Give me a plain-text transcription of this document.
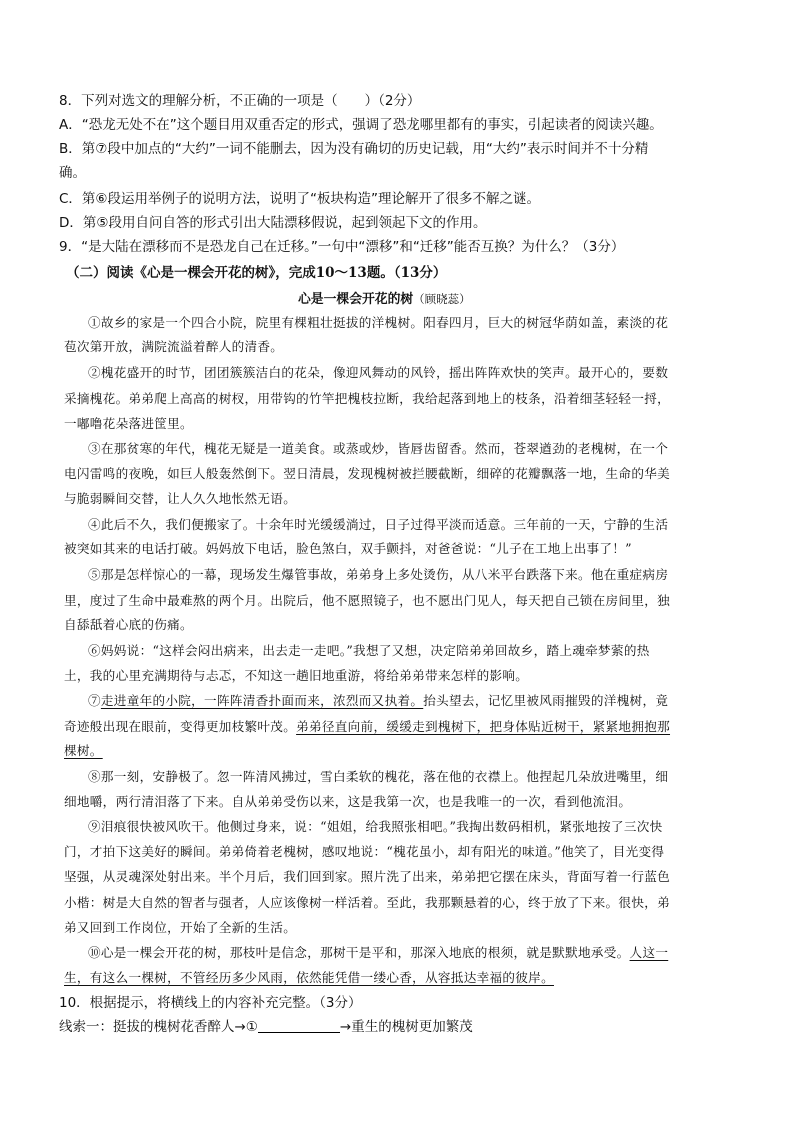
8．下列对选文的理解分析，不正确的一项是（　　）（2分）
A．“恐龙无处不在”这个题目用双重否定的形式，强调了恐龙哪里都有的事实，引起读者的阅读兴趣。
B．第⑦段中加点的“大约”一词不能删去，因为没有确切的历史记载，用“大约”表示时间并不十分精
确。
C．第⑥段运用举例子的说明方法，说明了“板块构造”理论解开了很多不解之谜。
D．第⑤段用自问自答的形式引出大陆漂移假说，起到领起下文的作用。
9．“是大陆在漂移而不是恐龙自己在迁移。”一句中“漂移”和“迁移”能否互换？为什么？（3分）
（二）阅读《心是一棵会开花的树》，完成10～13题。（13分）
心是一棵会开花的树（顾晓蕊）
①故乡的家是一个四合小院，院里有棵粗壮挺拔的洋槐树。阳春四月，巨大的树冠华荫如盖，素淡的花
苞次第开放，满院流溢着醉人的清香。
②槐花盛开的时节，团团簇簇洁白的花朵，像迎风舞动的风铃，摇出阵阵欢快的笑声。最开心的，要数
采摘槐花。弟弟爬上高高的树杈，用带钩的竹竿把槐枝拉断，我给起落到地上的枝条，沿着细茎轻轻一捋，
一嘟噜花朵落进筐里。
③在那贫寒的年代，槐花无疑是一道美食。或蒸或炒，皆唇齿留香。然而，苍翠遒劲的老槐树，在一个
电闪雷鸣的夜晚，如巨人般轰然倒下。翌日清晨，发现槐树被拦腰截断，细碎的花瓣飘落一地，生命的华美
与脆弱瞬间交替，让人久久地怅然无语。
④此后不久，我们便搬家了。十余年时光缓缓淌过，日子过得平淡而适意。三年前的一天，宁静的生活
被突如其来的电话打破。妈妈放下电话，脸色煞白，双手颤抖，对爸爸说：“儿子在工地上出事了！”
⑤那是怎样惊心的一幕，现场发生爆管事故，弟弟身上多处烫伤，从八米平台跌落下来。他在重症病房
里，度过了生命中最难熬的两个月。出院后，他不愿照镜子，也不愿出门见人，每天把自己锁在房间里，独
自舔舐着心底的伤痛。
⑥妈妈说：“这样会闷出病来，出去走一走吧。”我想了又想，决定陪弟弟回故乡，踏上魂牵梦萦的热
土，我的心里充满期待与忐忑，不知这一趟旧地重游，将给弟弟带来怎样的影响。
⑦走进童年的小院，一阵阵清香扑面而来，浓烈而又执着。抬头望去，记忆里被风雨摧毁的洋槐树，竟
奇迹般出现在眼前，变得更加枝繁叶茂。弟弟径直向前，缓缓走到槐树下，把身体贴近树干，紧紧地拥抱那
棵树。
⑧那一刻，安静极了。忽一阵清风拂过，雪白柔软的槐花，落在他的衣襟上。他捏起几朵放进嘴里，细
细地嚼，两行清泪落了下来。自从弟弟受伤以来，这是我第一次，也是我唯一的一次，看到他流泪。
⑨泪痕很快被风吹干。他侧过身来，说：“姐姐，给我照张相吧。”我掏出数码相机，紧张地按了三次快
门，才拍下这美好的瞬间。弟弟倚着老槐树，感叹地说：“槐花虽小，却有阳光的味道。”他笑了，目光变得
坚强，从灵魂深处射出来。半个月后，我们回到家。照片洗了出来，弟弟把它摆在床头，背面写着一行蓝色
小楷：树是大自然的智者与强者，人应该像树一样活着。至此，我那颗悬着的心，终于放了下来。很快，弟
弟又回到工作岗位，开始了全新的生活。
⑩心是一棵会开花的树，那枝叶是信念，那树干是平和，那深入地底的根须，就是默默地承受。人这一
生，有这么一棵树，不管经历多少风雨，依然能凭借一缕心香，从容抵达幸福的彼岸。
10．根据提示，将横线上的内容补充完整。（3分）
线索一：挺拔的槐树花香醉人→①	→重生的槐树更加繁茂
